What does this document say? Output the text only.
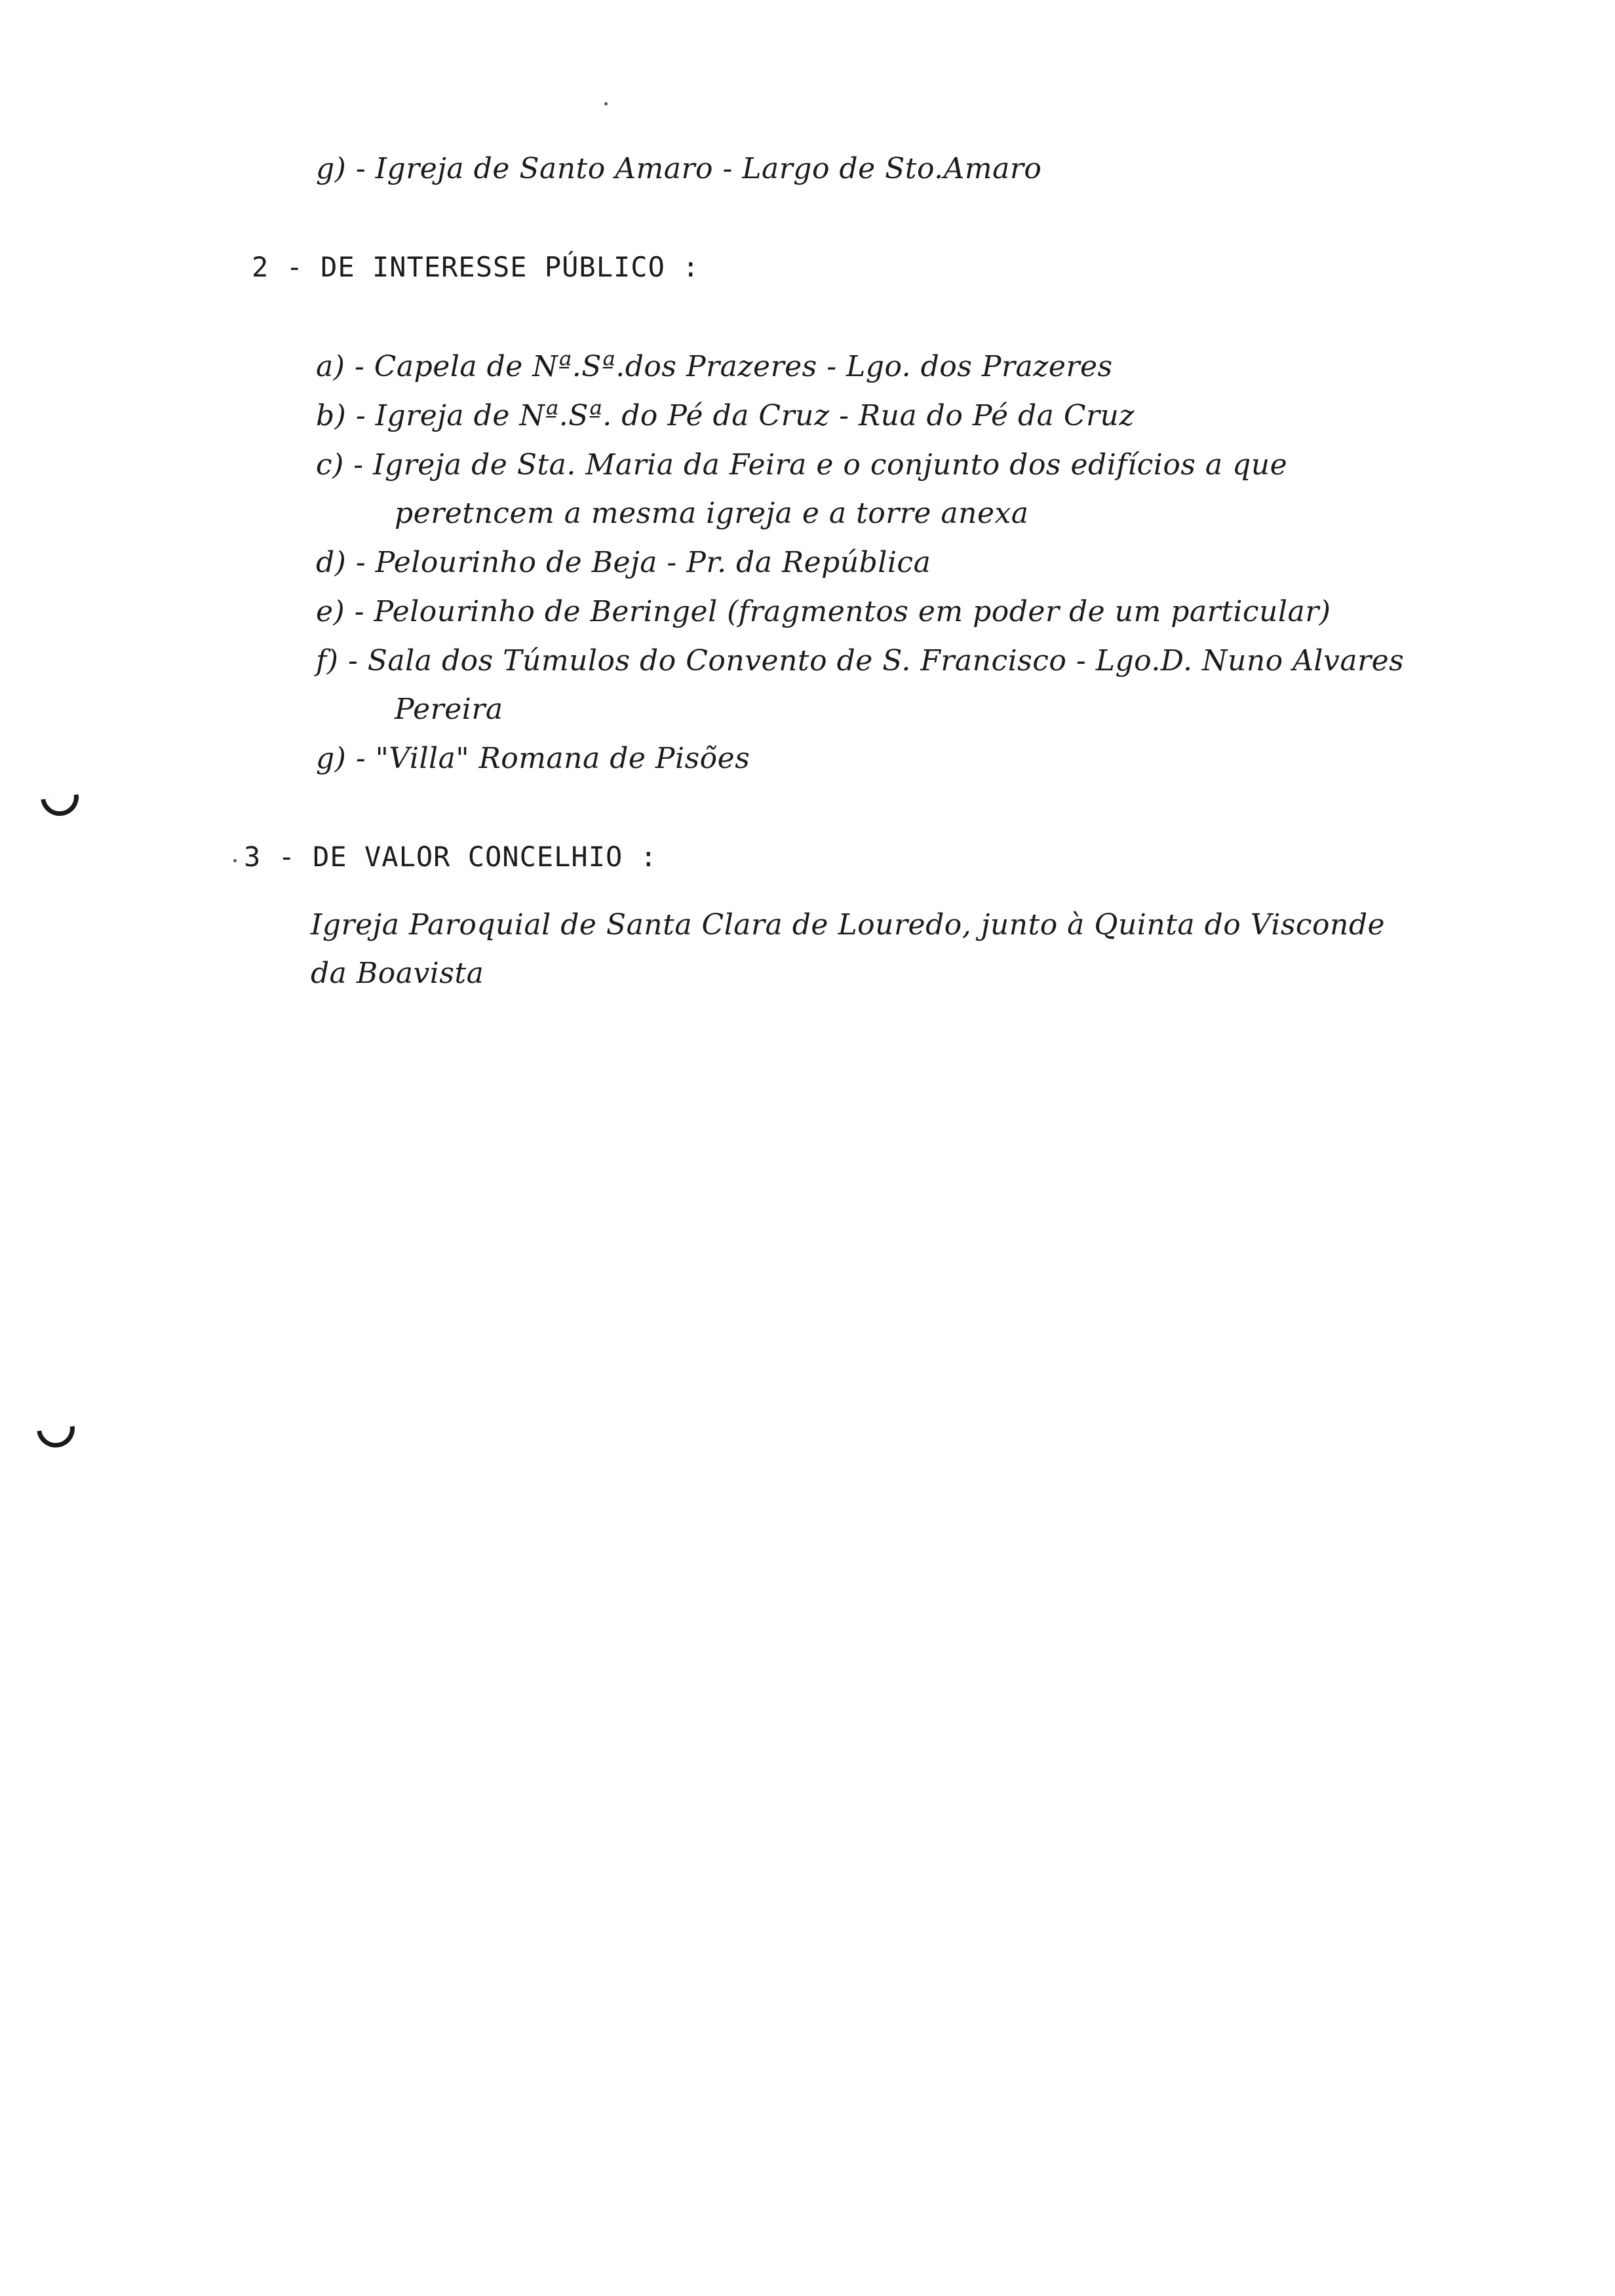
g) - Igreja de Santo Amaro - Largo de Sto.Amaro
2 - DE INTERESSE PÚBLICO :
a) - Capela de Nª.Sª.dos Prazeres - Lgo. dos Prazeres
b) - Igreja de Nª.Sª. do Pé da Cruz - Rua do Pé da Cruz
c) - Igreja de Sta. Maria da Feira e o conjunto dos edifícios a que
peretncem a mesma igreja e a torre anexa
d) - Pelourinho de Beja - Pr. da República
e) - Pelourinho de Beringel (fragmentos em poder de um particular)
f) - Sala dos Túmulos do Convento de S. Francisco - Lgo.D. Nuno Alvares
Pereira
g) - "Villa" Romana de Pisões
3 - DE VALOR CONCELHIO :
Igreja Paroquial de Santa Clara de Louredo, junto à Quinta do Visconde
da Boavista
